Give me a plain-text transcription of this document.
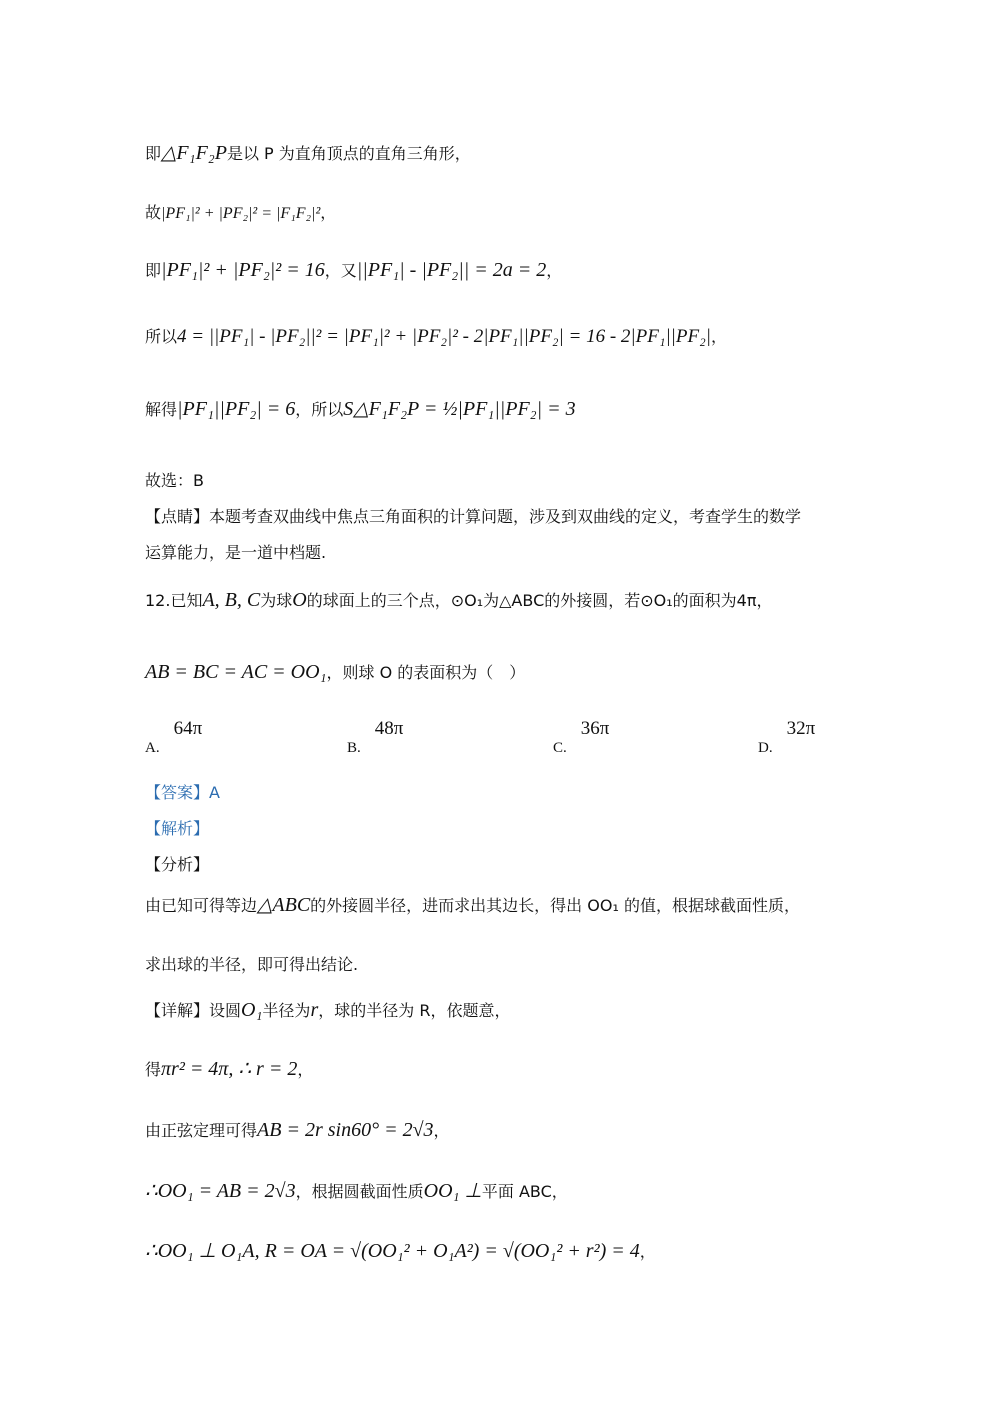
即△F₁F₂P是以 P 为直角顶点的直角三角形，
故|PF₁|² + |PF₂|² = |F₁F₂|²，
即|PF₁|² + |PF₂|² = 16，又||PF₁| - |PF₂|| = 2a = 2，
所以4 = ||PF₁| - |PF₂||² = |PF₁|² + |PF₂|² - 2|PF₁||PF₂| = 16 - 2|PF₁||PF₂|，
解得|PF₁||PF₂| = 6，所以S△F₁F₂P = ½|PF₁||PF₂| = 3
故选：B
【点睛】本题考查双曲线中焦点三角面积的计算问题，涉及到双曲线的定义，考查学生的数学
运算能力，是一道中档题.
12.已知A, B, C为球O的球面上的三个点，⊙O₁为△ABC的外接圆，若⊙O₁的面积为4π，
AB = BC = AC = OO₁，则球 O 的表面积为（　）
A.64π
B.48π
C.36π
D.32π
【答案】A
【解析】
【分析】
由已知可得等边△ABC的外接圆半径，进而求出其边长，得出 OO₁ 的值，根据球截面性质，
求出球的半径，即可得出结论.
【详解】设圆O₁半径为r，球的半径为 R，依题意，
得πr² = 4π, ∴ r = 2，
由正弦定理可得AB = 2r sin60° = 2√3，
∴OO₁ = AB = 2√3，根据圆截面性质OO₁ ⊥平面 ABC，
∴OO₁ ⊥ O₁A, R = OA = √(OO₁² + O₁A²) = √(OO₁² + r²) = 4，
